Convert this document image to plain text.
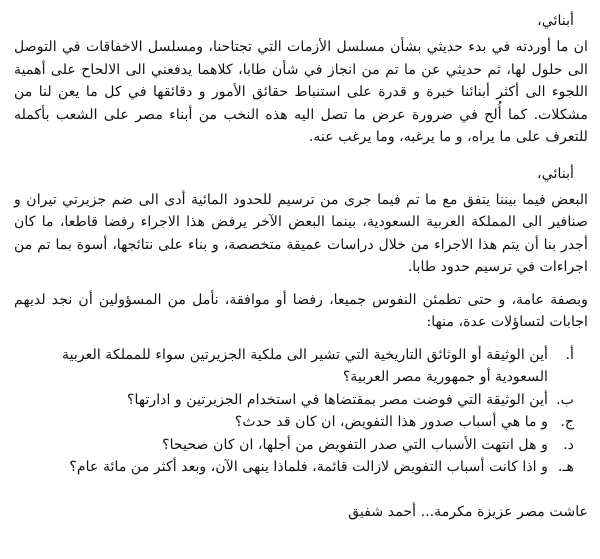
أبنائي،

ان ما أوردته في بدء حديثي بشأن مسلسل الأزمات التي تجتاحنا، ومسلسل الاخفاقات في التوصل الى حلول لها، ثم حديثي عن ما تم من انجاز في شأن طابا، كلاهما يدفعني الى الالحاح على أهمية اللجوء الى أكثر أبنائنا خبرة و قدرة على استنباط حقائق الأمور و دقائقها في كل ما يعن لنا من مشكلات. كما أُلح في ضرورة عرض ما تصل اليه هذه النخب من أبناء مصر على الشعب بأكمله للتعرف على ما يراه، و ما يرغبه، وما يرغب عنه.

أبنائي،

البعض فيما بيننا يتفق مع ما تم فيما جرى من ترسيم للحدود المائية أدى الى ضم جزيرتي تيران و صنافير الى المملكة العربية السعودية، بينما البعض الآخر يرفض هذا الاجراء رفضا قاطعا، ما كان أجدر بنا أن يتم هذا الاجراء من خلال دراسات عميقة متخصصة، و بناء على نتائجها، أسوة بما تم من اجراءات في ترسيم حدود طابا.

وبصفة عامة، و حتى تطمئن النفوس جميعا، رفضا أو موافقة، نأمل من المسؤولين أن نجد لديهم اجابات لتساؤلات عدة، منها:

أ.
أين الوثيقة أو الوثائق التاريخية التي تشير الى ملكية الجزيرتين سواء للمملكة العربية السعودية أو جمهورية مصر العربية؟
ب.
أين الوثيقة التي فوضت مصر بمقتضاها في استخدام الجزيرتين و ادارتها؟
ج.
و ما هي أسباب صدور هذا التفويض، ان كان قد حدث؟
د.
و هل انتهت الأسباب التي صدر التفويض من أجلها، ان كان صحيحا؟
هـ.
و اذا كانت أسباب التفويض لازالت قائمة، فلماذا ينهى الآن، وبعد أكثر من مائة عام؟

عاشت مصر عزيزة مكرمة... أحمد شفيق
